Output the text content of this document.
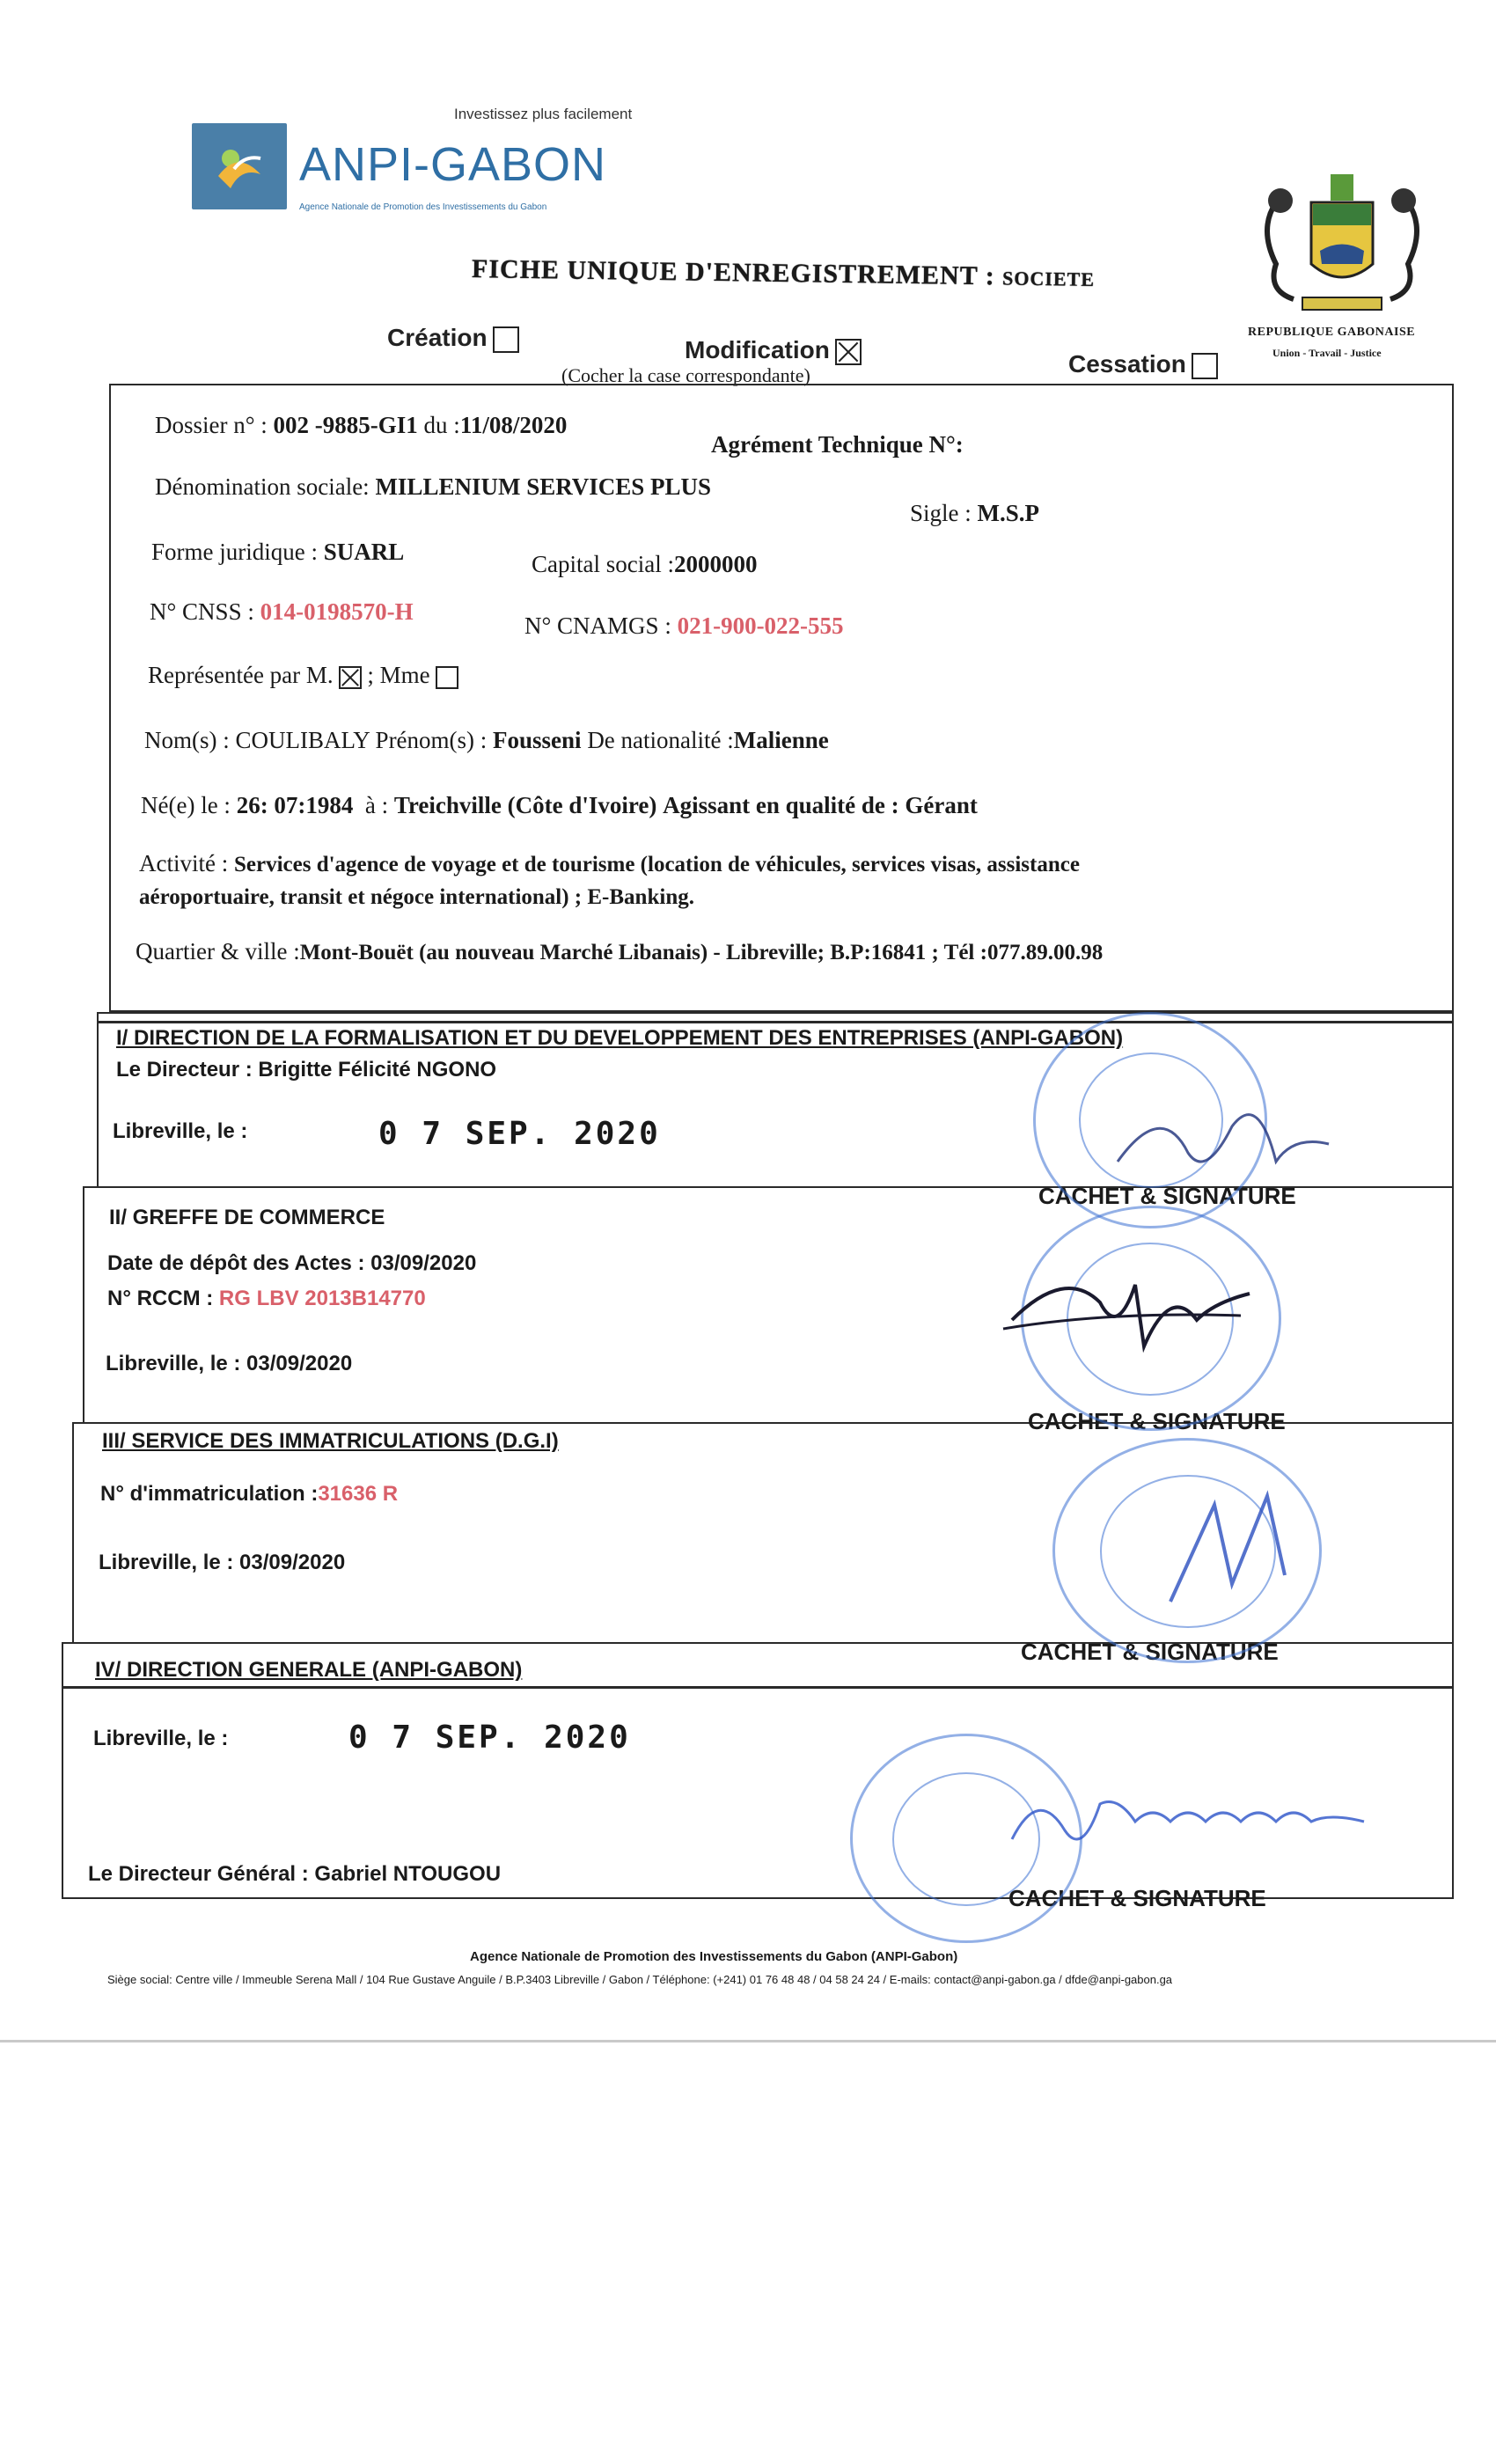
Investissez plus facilement
ANPI-GABON
Agence Nationale de Promotion des Investissements du Gabon
REPUBLIQUE GABONAISE
Union - Travail - Justice
FICHE UNIQUE D'ENREGISTREMENT : SOCIETE
Création	Modification
Cessation
(Cocher la case correspondante)
Dossier n° : 002 -9885-GI1 du :11/08/2020
Agrément Technique N°:
Dénomination sociale: MILLENIUM SERVICES PLUS
Sigle : M.S.P
Forme juridique : SUARL	Capital social :2000000
N° CNSS : 014-0198570-H
N° CNAMGS : 021-900-022-555
Représentée par M. ; Mme
Nom(s) : COULIBALY Prénom(s) : Fousseni De nationalité :Malienne
Né(e) le : 26: 07:1984 à : Treichville (Côte d'Ivoire) Agissant en qualité de : Gérant
Activité : Services d'agence de voyage et de tourisme (location de véhicules, services visas, assistance
aéroportuaire, transit et négoce international) ; E-Banking.
Quartier & ville :Mont-Bouët (au nouveau Marché Libanais) - Libreville; B.P:16841 ; Tél :077.89.00.98
I/ DIRECTION DE LA FORMALISATION ET DU DEVELOPPEMENT DES ENTREPRISES (ANPI-GABON)
Le Directeur : Brigitte Félicité NGONO
Libreville, le :	0 7 SEP. 2020
CACHET & SIGNATURE
II/ GREFFE DE COMMERCE
Date de dépôt des Actes : 03/09/2020
N° RCCM : RG LBV 2013B14770
Libreville, le : 03/09/2020
CACHET & SIGNATURE
III/ SERVICE DES IMMATRICULATIONS (D.G.I)
N° d'immatriculation :31636 R
Libreville, le : 03/09/2020
CACHET & SIGNATURE
IV/ DIRECTION GENERALE (ANPI-GABON)
Libreville, le :	0 7 SEP. 2020
Le Directeur Général : Gabriel NTOUGOU
CACHET & SIGNATURE
Agence Nationale de Promotion des Investissements du Gabon (ANPI-Gabon)
Siège social: Centre ville / Immeuble Serena Mall / 104 Rue Gustave Anguile / B.P.3403 Libreville / Gabon / Téléphone: (+241) 01 76 48 48 / 04 58 24 24 / E-mails: contact@anpi-gabon.ga / dfde@anpi-gabon.ga
